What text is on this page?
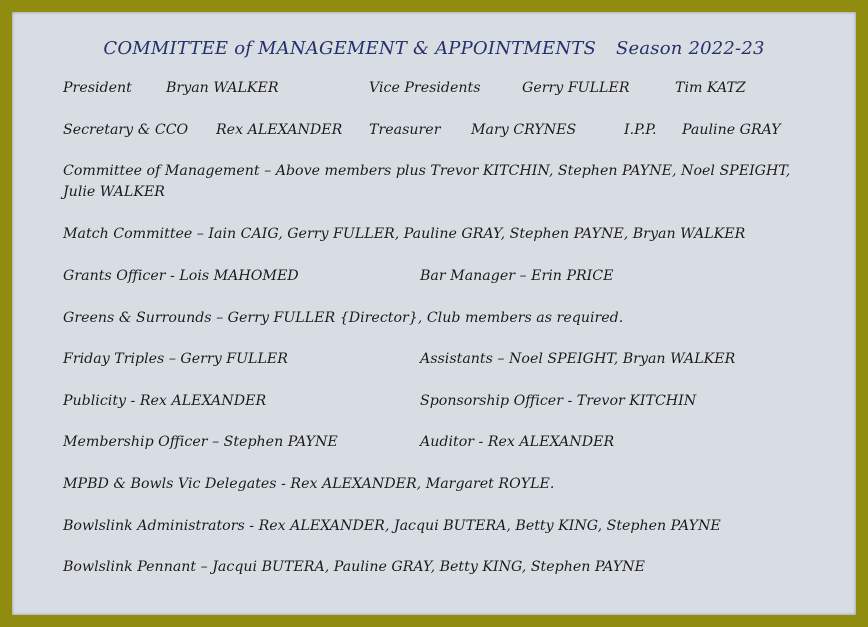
COMMITTEE of MANAGEMENT & APPOINTMENTS Season 2022-23
President Bryan WALKER	Vice Presidents	Gerry FULLER	Tim KATZ
Secretary & CCO Rex ALEXANDER Treasurer Mary CRYNES	I.P.P. Pauline GRAY
Committee of Management – Above members plus Trevor KITCHIN, Stephen PAYNE, Noel SPEIGHT,
Julie WALKER
Match Committee – Iain CAIG, Gerry FULLER, Pauline GRAY, Stephen PAYNE, Bryan WALKER
Grants Officer - Lois MAHOMED	Bar Manager – Erin PRICE
Greens & Surrounds – Gerry FULLER {Director}, Club members as required.
Friday Triples – Gerry FULLER	Assistants – Noel SPEIGHT, Bryan WALKER
Publicity - Rex ALEXANDER	Sponsorship Officer - Trevor KITCHIN
Membership Officer – Stephen PAYNE	Auditor - Rex ALEXANDER
MPBD & Bowls Vic Delegates - Rex ALEXANDER, Margaret ROYLE.
Bowlslink Administrators - Rex ALEXANDER, Jacqui BUTERA, Betty KING, Stephen PAYNE
Bowlslink Pennant – Jacqui BUTERA, Pauline GRAY, Betty KING, Stephen PAYNE
